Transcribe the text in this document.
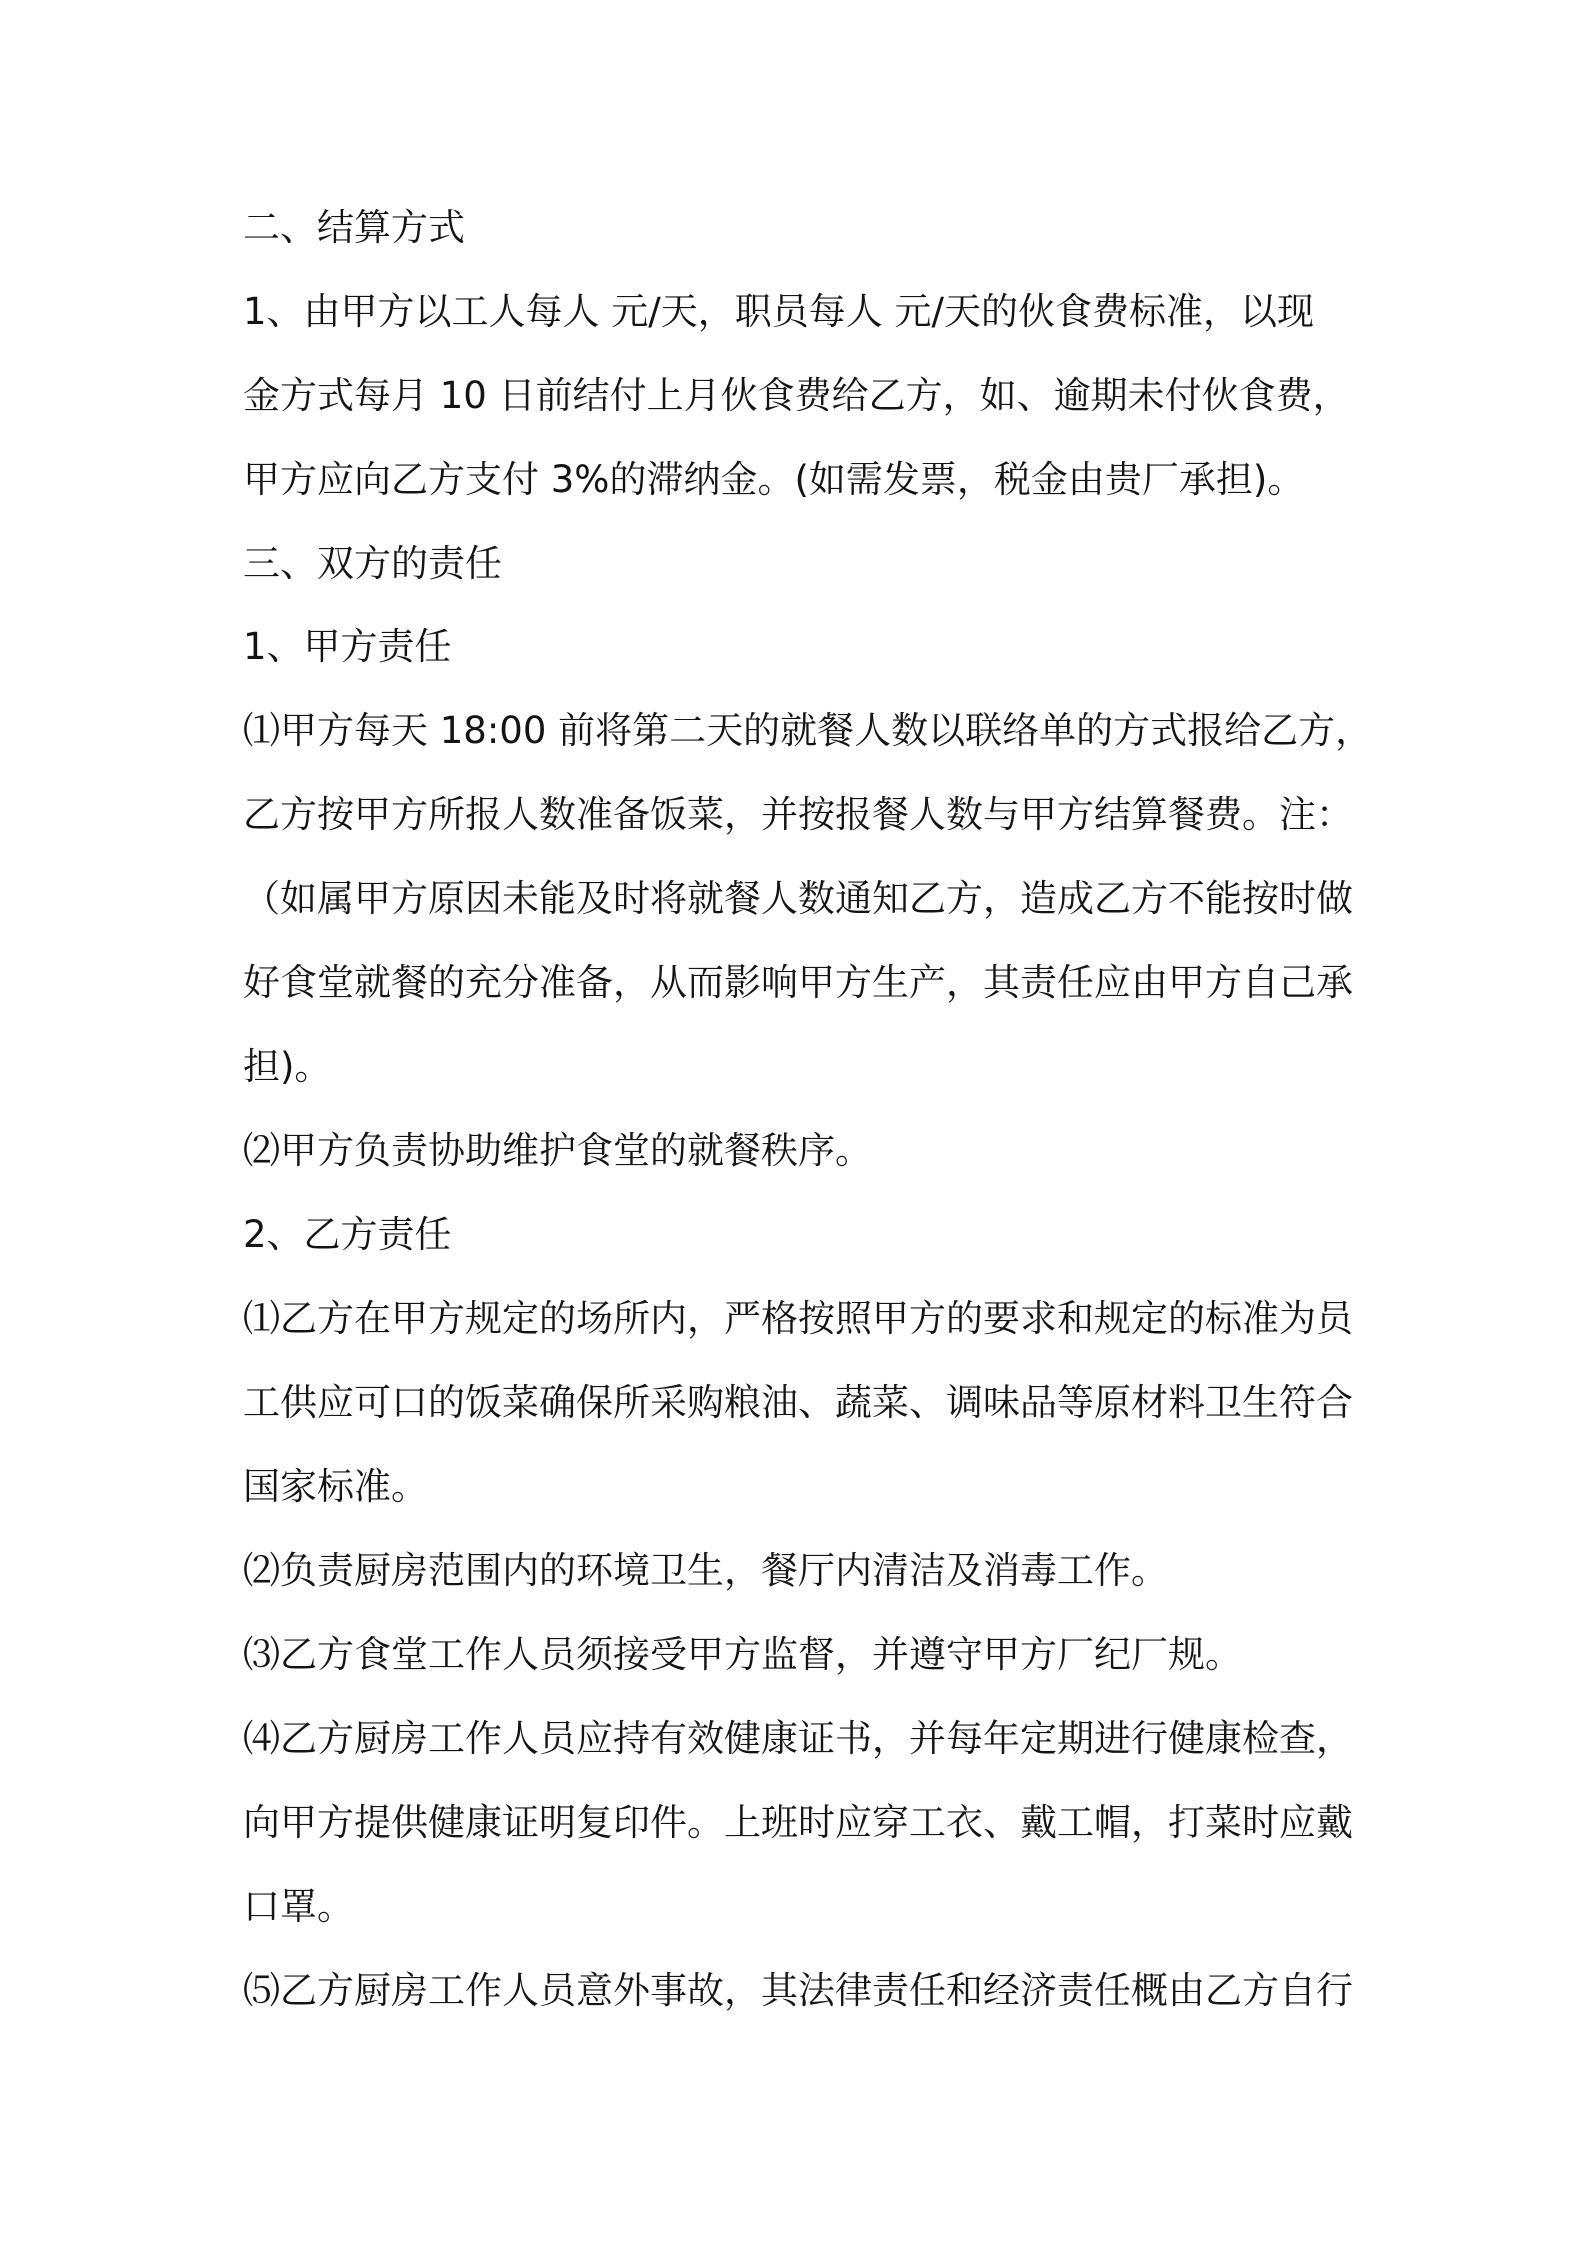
二、结算方式
1、由甲方以工人每人 元/天，职员每人 元/天的伙食费标准，以现
金方式每月 10 日前结付上月伙食费给乙方，如、逾期未付伙食费，
甲方应向乙方支付 3%的滞纳金。(如需发票，税金由贵厂承担)。
三、双方的责任
1、甲方责任
⑴甲方每天 18:00 前将第二天的就餐人数以联络单的方式报给乙方，
乙方按甲方所报人数准备饭菜，并按报餐人数与甲方结算餐费。注：
（如属甲方原因未能及时将就餐人数通知乙方，造成乙方不能按时做
好食堂就餐的充分准备，从而影响甲方生产，其责任应由甲方自己承
担)。
⑵甲方负责协助维护食堂的就餐秩序。
2、乙方责任
⑴乙方在甲方规定的场所内，严格按照甲方的要求和规定的标准为员
工供应可口的饭菜确保所采购粮油、蔬菜、调味品等原材料卫生符合
国家标准。
⑵负责厨房范围内的环境卫生，餐厅内清洁及消毒工作。
⑶乙方食堂工作人员须接受甲方监督，并遵守甲方厂纪厂规。
⑷乙方厨房工作人员应持有效健康证书，并每年定期进行健康检查，
向甲方提供健康证明复印件。上班时应穿工衣、戴工帽，打菜时应戴
口罩。
⑸乙方厨房工作人员意外事故，其法律责任和经济责任概由乙方自行
